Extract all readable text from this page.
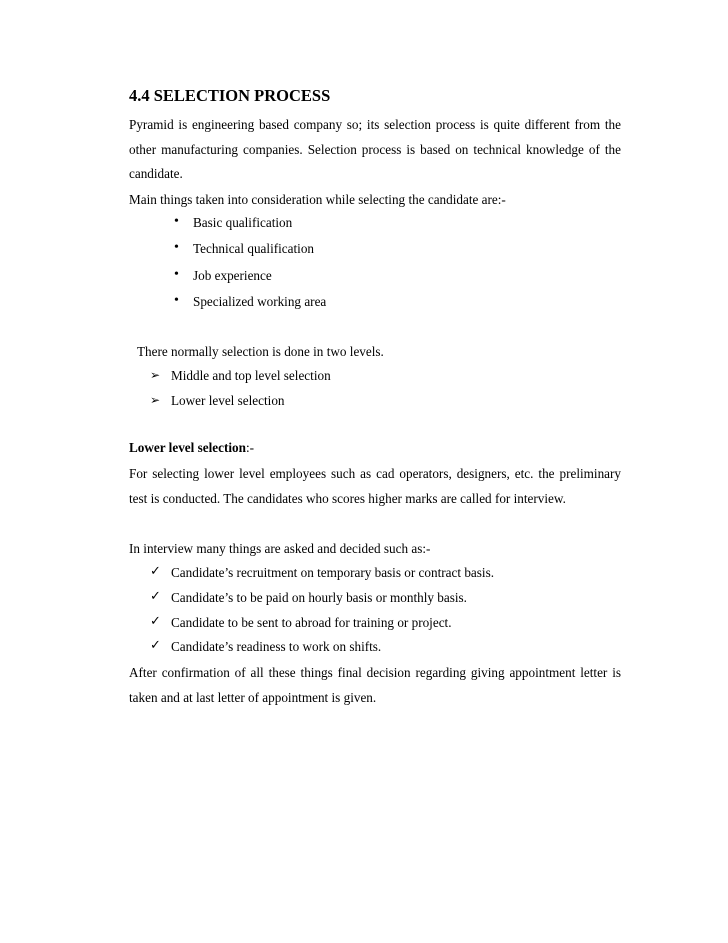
4.4 SELECTION PROCESS
Pyramid is engineering based company so; its selection process is quite different from the other manufacturing companies. Selection process is based on technical knowledge of the candidate.
Main things taken into consideration while selecting the candidate are:-
• Basic qualification
• Technical qualification
• Job experience
• Specialized working area
There normally selection is done in two levels.
➢ Middle and top level selection
➢ Lower level selection
Lower level selection:-
For selecting lower level employees such as cad operators, designers, etc. the preliminary test is conducted. The candidates who scores higher marks are called for interview.
In interview many things are asked and decided such as:-
✓ Candidate’s recruitment on temporary basis or contract basis.
✓ Candidate’s to be paid on hourly basis or monthly basis.
✓ Candidate to be sent to abroad for training or project.
✓ Candidate’s readiness to work on shifts.
After confirmation of all these things final decision regarding giving appointment letter is taken and at last letter of appointment is given.
